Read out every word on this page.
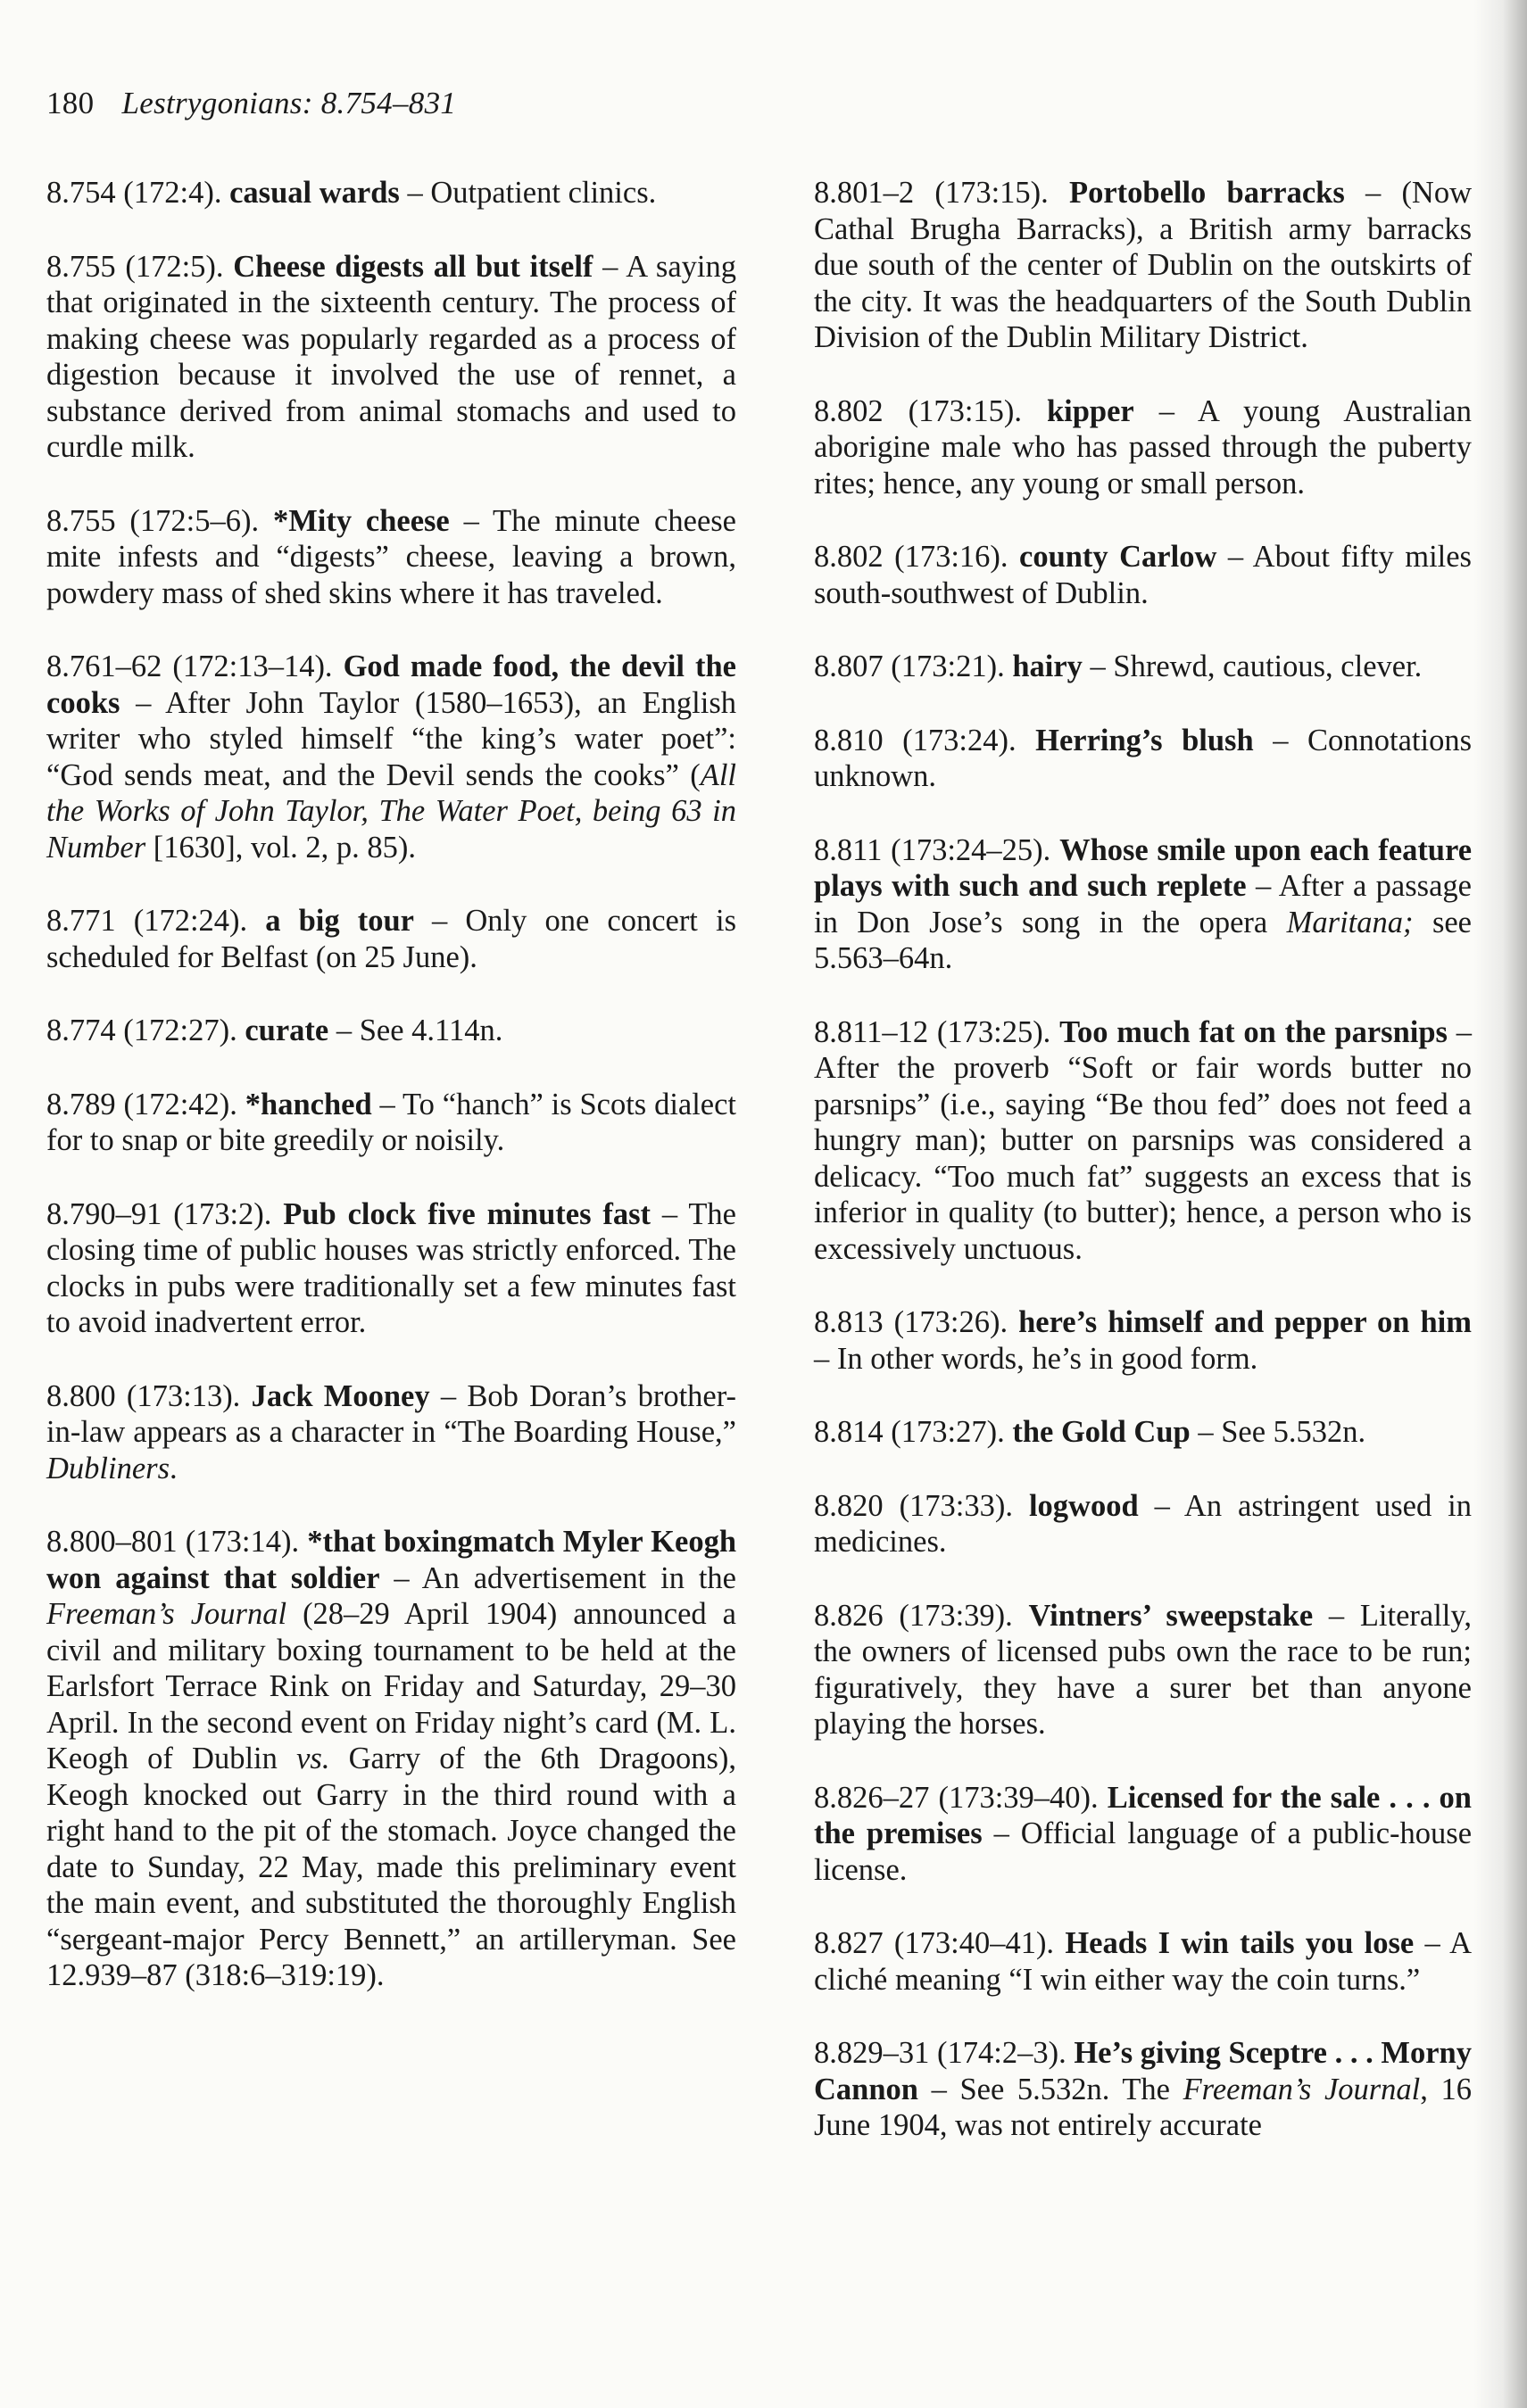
180 Lestrygonians: 8.754–831

8.754 (172:4). casual wards – Outpatient clinics.

8.755 (172:5). Cheese digests all but itself – A saying that originated in the sixteenth century. The process of making cheese was popularly regarded as a process of digestion because it involved the use of rennet, a substance derived from animal stomachs and used to curdle milk.

8.755 (172:5–6). *Mity cheese – The minute cheese mite infests and “digests” cheese, leaving a brown, powdery mass of shed skins where it has traveled.

8.761–62 (172:13–14). God made food, the devil the cooks – After John Taylor (1580–1653), an English writer who styled himself “the king’s water poet”: “God sends meat, and the Devil sends the cooks” (All the Works of John Taylor, The Water Poet, being 63 in Number [1630], vol. 2, p. 85).

8.771 (172:24). a big tour – Only one concert is scheduled for Belfast (on 25 June).

8.774 (172:27). curate – See 4.114n.

8.789 (172:42). *hanched – To “hanch” is Scots dialect for to snap or bite greedily or noisily.

8.790–91 (173:2). Pub clock five minutes fast – The closing time of public houses was strictly enforced. The clocks in pubs were traditionally set a few minutes fast to avoid inadvertent error.

8.800 (173:13). Jack Mooney – Bob Doran’s brother-in-law appears as a character in “The Boarding House,” Dubliners.

8.800–801 (173:14). *that boxingmatch Myler Keogh won against that soldier – An advertisement in the Freeman’s Journal (28–29 April 1904) announced a civil and military boxing tournament to be held at the Earlsfort Terrace Rink on Friday and Saturday, 29–30 April. In the second event on Friday night’s card (M. L. Keogh of Dublin vs. Garry of the 6th Dragoons), Keogh knocked out Garry in the third round with a right hand to the pit of the stomach. Joyce changed the date to Sunday, 22 May, made this preliminary event the main event, and substituted the thoroughly English “sergeant-major Percy Bennett,” an artilleryman. See 12.939–87 (318:6–319:19).

8.801–2 (173:15). Portobello barracks – (Now Cathal Brugha Barracks), a British army barracks due south of the center of Dublin on the outskirts of the city. It was the headquarters of the South Dublin Division of the Dublin Military District.

8.802 (173:15). kipper – A young Australian aborigine male who has passed through the puberty rites; hence, any young or small person.

8.802 (173:16). county Carlow – About fifty miles south-southwest of Dublin.

8.807 (173:21). hairy – Shrewd, cautious, clever.

8.810 (173:24). Herring’s blush – Connotations unknown.

8.811 (173:24–25). Whose smile upon each feature plays with such and such replete – After a passage in Don Jose’s song in the opera Maritana; see 5.563–64n.

8.811–12 (173:25). Too much fat on the parsnips – After the proverb “Soft or fair words butter no parsnips” (i.e., saying “Be thou fed” does not feed a hungry man); butter on parsnips was considered a delicacy. “Too much fat” suggests an excess that is inferior in quality (to butter); hence, a person who is excessively unctuous.

8.813 (173:26). here’s himself and pepper on him – In other words, he’s in good form.

8.814 (173:27). the Gold Cup – See 5.532n.

8.820 (173:33). logwood – An astringent used in medicines.

8.826 (173:39). Vintners’ sweepstake – Literally, the owners of licensed pubs own the race to be run; figuratively, they have a surer bet than anyone playing the horses.

8.826–27 (173:39–40). Licensed for the sale . . . on the premises – Official language of a public-house license.

8.827 (173:40–41). Heads I win tails you lose – A cliché meaning “I win either way the coin turns.”

8.829–31 (174:2–3). He’s giving Sceptre . . . Morny Cannon – See 5.532n. The Freeman’s Journal, 16 June 1904, was not entirely accurate
